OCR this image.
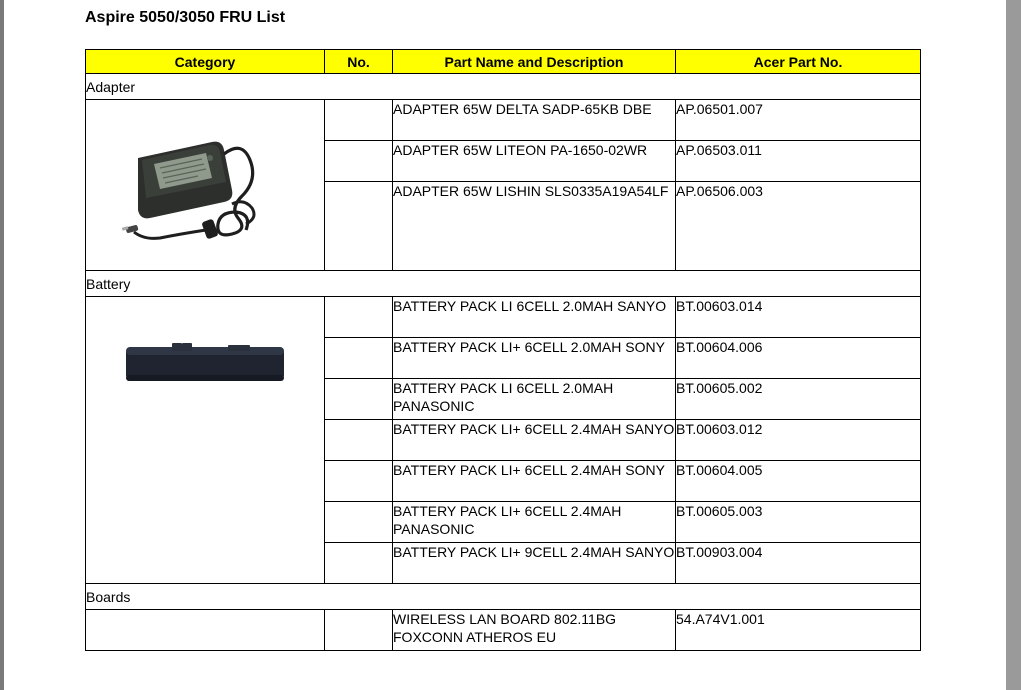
Aspire 5050/3050 FRU List
Category	No.	Part Name and Description	Acer Part No.
Adapter			

		ADAPTER 65W DELTA SADP-65KB DBE	AP.06501.007
		ADAPTER 65W LITEON PA-1650-02WR	AP.06503.011
		ADAPTER 65W LISHIN SLS0335A19A54LF	AP.06506.003
Battery			

		BATTERY PACK LI 6CELL 2.0MAH SANYO	BT.00603.014
		BATTERY PACK LI+ 6CELL 2.0MAH SONY	BT.00604.006
		BATTERY PACK LI 6CELL 2.0MAH PANASONIC	BT.00605.002
		BATTERY PACK LI+ 6CELL 2.4MAH SANYO	BT.00603.012
		BATTERY PACK LI+ 6CELL 2.4MAH SONY	BT.00604.005
		BATTERY PACK LI+ 6CELL 2.4MAH PANASONIC	BT.00605.003
		BATTERY PACK LI+ 9CELL 2.4MAH SANYO	BT.00903.004
Boards			
		WIRELESS LAN BOARD 802.11BG FOXCONN ATHEROS EU	54.A74V1.001
